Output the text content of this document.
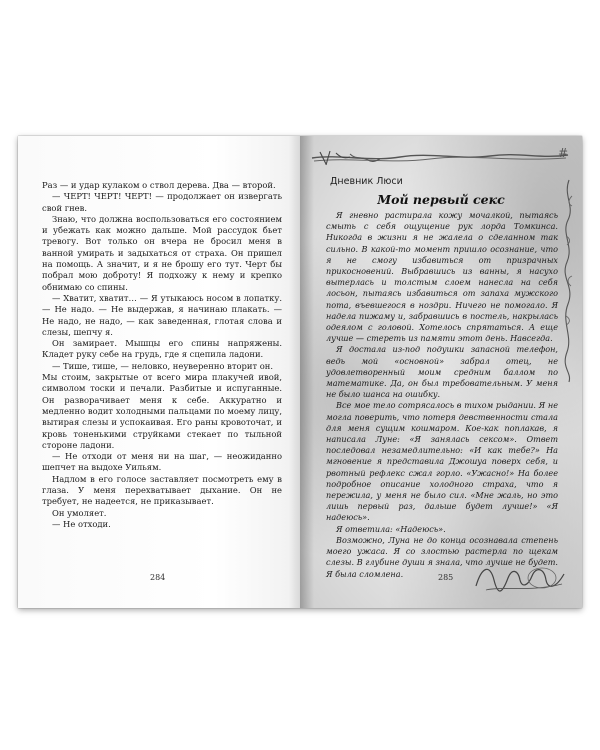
Раз — и удар кулаком о ствол дерева. Два — второй.

— ЧЕРТ! ЧЕРТ! ЧЕРТ! — продолжает он извергать свой гнев.

Знаю, что должна воспользоваться его состоянием и убежать как можно дальше. Мой рассудок бьет тревогу. Вот только он вчера не бросил меня в ванной умирать и задыхаться от страха. Он пришел на помощь. А значит, и я не брошу его тут. Черт бы побрал мою доброту! Я подхожу к нему и крепко обнимаю со спины.

— Хватит, хватит… — Я утыкаюсь носом в лопатку. — Не надо. — Не выдержав, я начинаю плакать. — Не надо, не надо, — как заведенная, глотая слова и слезы, шепчу я.

Он замирает. Мышцы его спины напряжены. Кладет руку себе на грудь, где я сцепила ладони.

— Тише, тише, — неловко, неуверенно вторит он.

Мы стоим, закрытые от всего мира плакучей ивой, символом тоски и печали. Разбитые и испуганные. Он разворачивает меня к себе. Аккуратно и медленно водит холодными пальцами по моему лицу, вытирая слезы и успокаивая. Его раны кровоточат, и кровь тоненькими струйками стекает по тыльной стороне ладони.

— Не отходи от меня ни на шаг, — неожиданно шепчет на выдохе Уильям.

Надлом в его голосе заставляет посмотреть ему в глаза. У меня перехватывает дыхание. Он не требует, не надеется, не приказывает.

Он умоляет.

— Не отходи.

284
#
Дневник Люси
Мой первый секс

Я гневно растирала кожу мочалкой, пытаясь смыть с себя ощущение рук лорда Томкинса. Никогда в жизни я не жалела о сделанном так сильно. В какой-то момент пришло осознание, что я не смогу избавиться от призрачных прикосновений. Выбравшись из ванны, я насухо вытерлась и толстым слоем нанесла на себя лосьон, пытаясь избавиться от запаха мужского пота, въевшегося в ноздри. Ничего не помогало. Я надела пижаму и, забравшись в постель, накрылась одеялом с головой. Хотелось спрятаться. А еще лучше — стереть из памяти этот день. Навсегда.

Я достала из-под подушки запасной телефон, ведь мой «основной» забрал отец, не удовлетворенный моим средним баллом по математике. Да, он был требовательным. У меня не было шанса на ошибку.

Все мое тело сотрясалось в тихом рыдании. Я не могла поверить, что потеря девственности стала для меня сущим кошмаром. Кое-как поплакав, я написала Луне: «Я занялась сексом». Ответ последовал незамедлительно: «И как тебе?» На мгновение я представила Джошуа поверх себя, и рвотный рефлекс сжал горло. «Ужасно!» На более подробное описание холодного страха, что я пережила, у меня не было сил. «Мне жаль, но это лишь первый раз, дальше будет лучше!» «Я надеюсь».

Я ответила: «Надеюсь».

Возможно, Луна не до конца осознавала степень моего ужаса. Я со злостью растерла по щекам слезы. В глубине души я знала, что лучше не будет. Я была сломлена.	285
